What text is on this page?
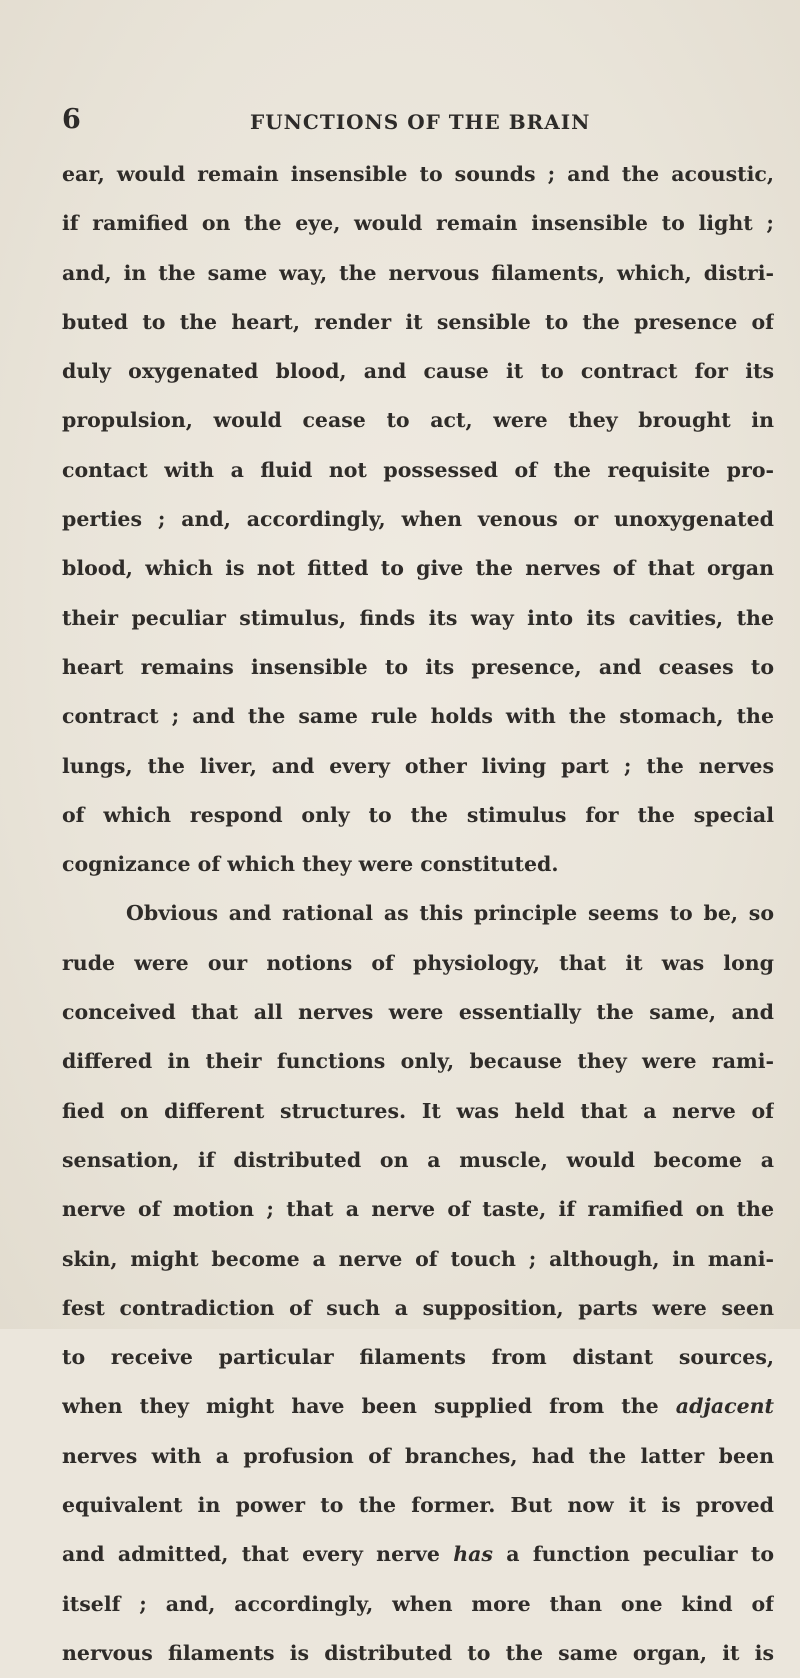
6	FUNCTIONS OF THE BRAIN
ear, would remain insensible to sounds ; and the acoustic,
if ramified on the eye, would remain insensible to light ;
and, in the same way, the nervous filaments, which, distri-
buted to the heart, render it sensible to the presence of
duly oxygenated blood, and cause it to contract for its
propulsion, would cease to act, were they brought in
contact with a fluid not possessed of the requisite pro-
perties ; and, accordingly, when venous or unoxygenated
blood, which is not fitted to give the nerves of that organ
their peculiar stimulus, finds its way into its cavities, the
heart remains insensible to its presence, and ceases to
contract ; and the same rule holds with the stomach, the
lungs, the liver, and every other living part ; the nerves
of which respond only to the stimulus for the special
cognizance of which they were constituted.
Obvious and rational as this principle seems to be, so
rude were our notions of physiology, that it was long
conceived that all nerves were essentially the same, and
differed in their functions only, because they were rami-
fied on different structures. It was held that a nerve of
sensation, if distributed on a muscle, would become a
nerve of motion ; that a nerve of taste, if ramified on the
skin, might become a nerve of touch ; although, in mani-
fest contradiction of such a supposition, parts were seen
to receive particular filaments from distant sources,
when they might have been supplied from the adjacent
nerves with a profusion of branches, had the latter been
equivalent in power to the former. But now it is proved
and admitted, that every nerve has a function peculiar to
itself ; and, accordingly, when more than one kind of
nervous filaments is distributed to the same organ, it is
